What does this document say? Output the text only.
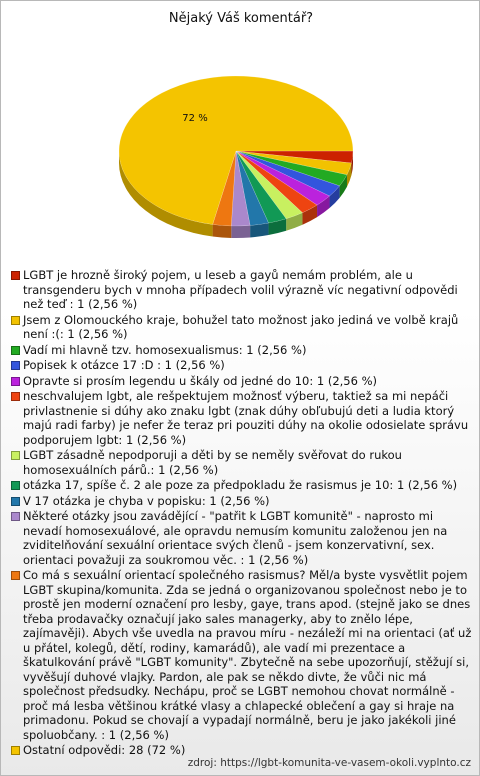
Nějaký Váš komentář?
72 %
LGBT je hrozně široký pojem, u leseb a gayů nemám problém, ale u transgenderu bych v mnoha případech volil výrazně víc negativní odpovědi než teď : 1 (2,56 %)
Jsem z Olomouckého kraje, bohužel tato možnost jako jediná ve volbě krajů není :(: 1 (2,56 %)
Vadí mi hlavně tzv. homosexualismus: 1 (2,56 %)
Popisek k otázce 17 :D : 1 (2,56 %)
Opravte si prosím legendu u škály od jedné do 10: 1 (2,56 %)
neschvalujem lgbt, ale rešpektujem možnosť výberu, taktiež sa mi nepáči privlastnenie si dúhy ako znaku lgbt (znak dúhy obľubujú deti a ludia ktorý majú radi farby) je nefer že teraz pri pouziti dúhy na okolie odosielate správu podporujem lgbt: 1 (2,56 %)
LGBT zásadně nepodporuji a děti by se neměly svěřovat do rukou homosexuálních párů.: 1 (2,56 %)
otázka 17, spíše č. 2 ale poze za předpokladu že rasismus je 10: 1 (2,56 %)
V 17 otázka je chyba v popisku: 1 (2,56 %)
Některé otázky jsou zavádějící - "patřit k LGBT komunitě" - naprosto mi nevadí homosexuálové, ale opravdu nemusím komunitu založenou jen na zviditelňování sexuální orientace svých členů - jsem konzervativní, sex. orientaci považuji za soukromou věc. : 1 (2,56 %)
Co má s sexuální orientací společného rasismus? Měl/a byste vysvětlit pojem LGBT skupina/komunita. Zda se jedná o organizovanou společnost nebo je to prostě jen moderní označení pro lesby, gaye, trans apod. (stejně jako se dnes třeba prodavačky označují jako sales managerky, aby to znělo lépe, zajímavěji). Abych vše uvedla na pravou míru - nezáleží mi na orientaci (ať už u přátel, kolegů, dětí, rodiny, kamarádů), ale vadí mi prezentace a škatulkování právě "LGBT komunity". Zbytečně na sebe upozorňují, stěžují si, vyvěšují duhové vlajky. Pardon, ale pak se někdo divte, že vůči nic má společnost předsudky. Nechápu, proč se LGBT nemohou chovat normálně - proč má lesba většinou krátké vlasy a chlapecké oblečení a gay si hraje na primadonu. Pokud se chovají a vypadají normálně, beru je jako jakékoli jiné spoluobčany. : 1 (2,56 %)
Ostatní odpovědi: 28 (72 %)
zdroj: https://lgbt-komunita-ve-vasem-okoli.vyplnto.cz
